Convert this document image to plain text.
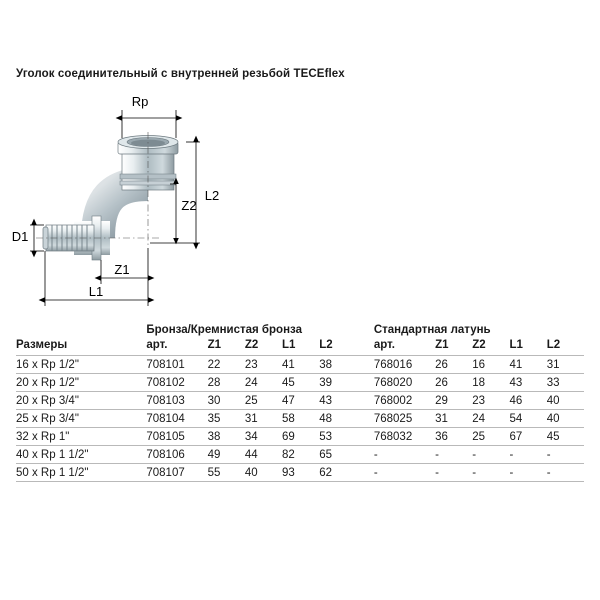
Уголок соединительный с внутренней резьбой TECEflex
Rp
L2
Z2
D1
Z1
L1
	Бронза/Кремнистая бронза						Стандартная латунь				
Размеры	арт.	Z1	Z2	L1	L2		арт.	Z1	Z2	L1	L2
16 x Rp 1/2"	708101	22	23	41	38		768016	26	16	41	31
20 x Rp 1/2"	708102	28	24	45	39		768020	26	18	43	33
20 x Rp 3/4"	708103	30	25	47	43		768002	29	23	46	40
25 x Rp 3/4"	708104	35	31	58	48		768025	31	24	54	40
32 x Rp 1"	708105	38	34	69	53		768032	36	25	67	45
40 x Rp 1 1/2"	708106	49	44	82	65		-	-	-	-	-
50 x Rp 1 1/2"	708107	55	40	93	62		-	-	-	-	-
